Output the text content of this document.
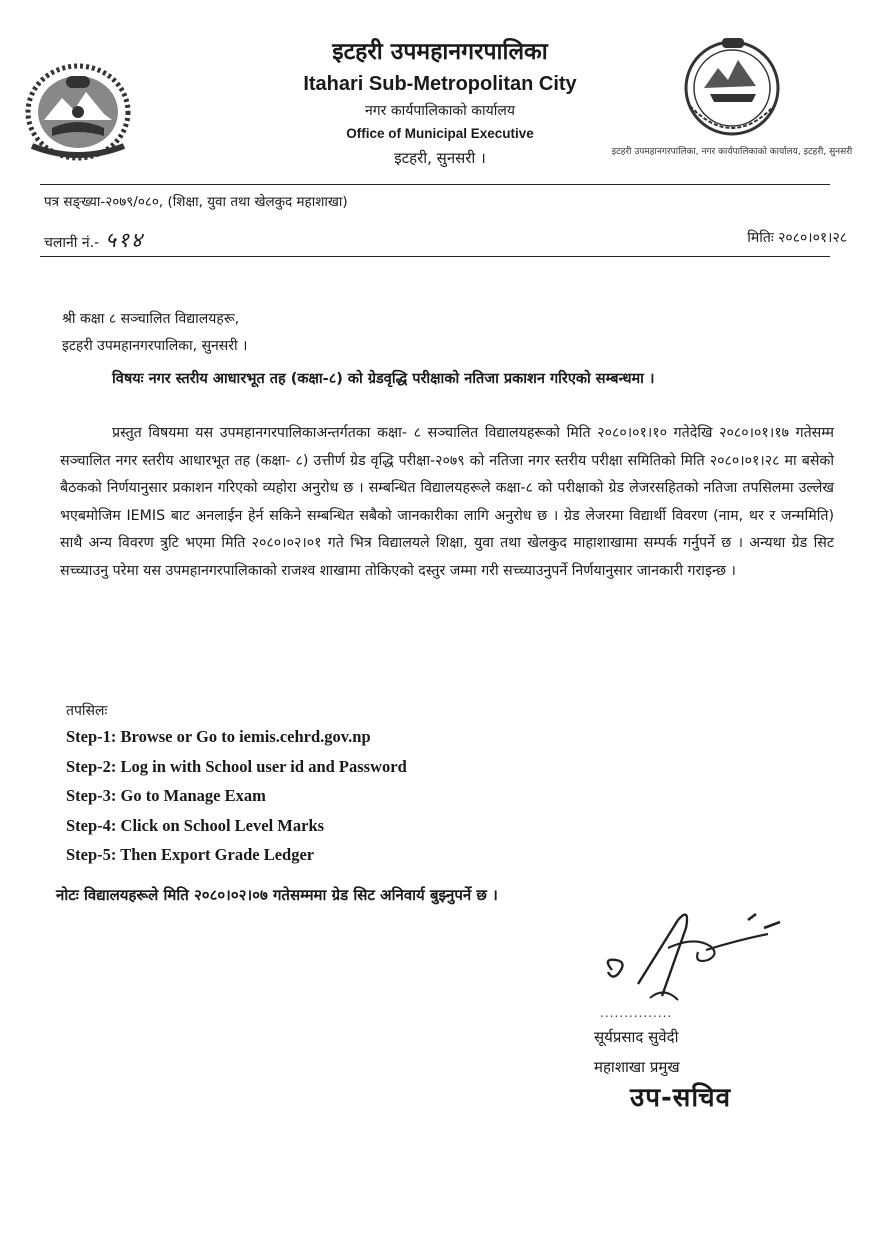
इटहरी उपमहानगरपालिका, नगर कार्यपालिकाको कार्यालय, इटहरी, सुनसरी
इटहरी उपमहानगरपालिका
Itahari Sub-Metropolitan City
नगर कार्यपालिकाको कार्यालय
Office of Municipal Executive
इटहरी, सुनसरी ।
पत्र सङ्ख्या-२०७९/०८०, (शिक्षा, युवा तथा खेलकुद महाशाखा)
चलानी नं.- ५१४	मितिः २०८०।०१।२८
श्री कक्षा ८ सञ्चालित विद्यालयहरू,
इटहरी उपमहानगरपालिका, सुनसरी ।
विषयः नगर स्तरीय आधारभूत तह (कक्षा-८) को ग्रेडवृद्धि परीक्षाको नतिजा प्रकाशन गरिएको सम्बन्धमा ।
प्रस्तुत विषयमा यस उपमहानगरपालिकाअन्तर्गतका कक्षा- ८ सञ्चालित विद्यालयहरूको मिति २०८०।०१।१० गतेदेखि २०८०।०१।१७ गतेसम्म सञ्चालित नगर स्तरीय आधारभूत तह (कक्षा- ८) उत्तीर्ण ग्रेड वृद्धि परीक्षा-२०७९ को नतिजा नगर स्तरीय परीक्षा समितिको मिति २०८०।०१।२८ मा बसेको बैठकको निर्णयानुसार प्रकाशन गरिएको व्यहोरा अनुरोध छ । सम्बन्धित विद्यालयहरूले कक्षा-८ को परीक्षाको ग्रेड लेजरसहितको नतिजा तपसिलमा उल्लेख भएबमोजिम IEMIS बाट अनलाईन हेर्न सकिने सम्बन्धित सबैको जानकारीका लागि अनुरोध छ । ग्रेड लेजरमा विद्यार्थी विवरण (नाम, थर र जन्ममिति) साथै अन्य विवरण त्रुटि भएमा मिति २०८०।०२।०१ गते भित्र विद्यालयले शिक्षा, युवा तथा खेलकुद माहाशाखामा सम्पर्क गर्नुपर्ने छ । अन्यथा ग्रेड सिट सच्च्याउनु परेमा यस उपमहानगरपालिकाको राजश्व शाखामा तोकिएको दस्तुर जम्मा गरी सच्च्याउनुपर्ने निर्णयानुसार जानकारी गराइन्छ ।
तपसिलः
Step-1: Browse or Go to iemis.cehrd.gov.np
Step-2: Log in with School user id and Password
Step-3: Go to Manage Exam
Step-4: Click on School Level Marks
Step-5: Then Export Grade Ledger
नोटः विद्यालयहरूले मिति २०८०।०२।०७ गतेसम्ममा ग्रेड सिट अनिवार्य बुझ्नुपर्ने छ ।
...............
सूर्यप्रसाद सुवेदी
महाशाखा प्रमुख
उप-सचिव
